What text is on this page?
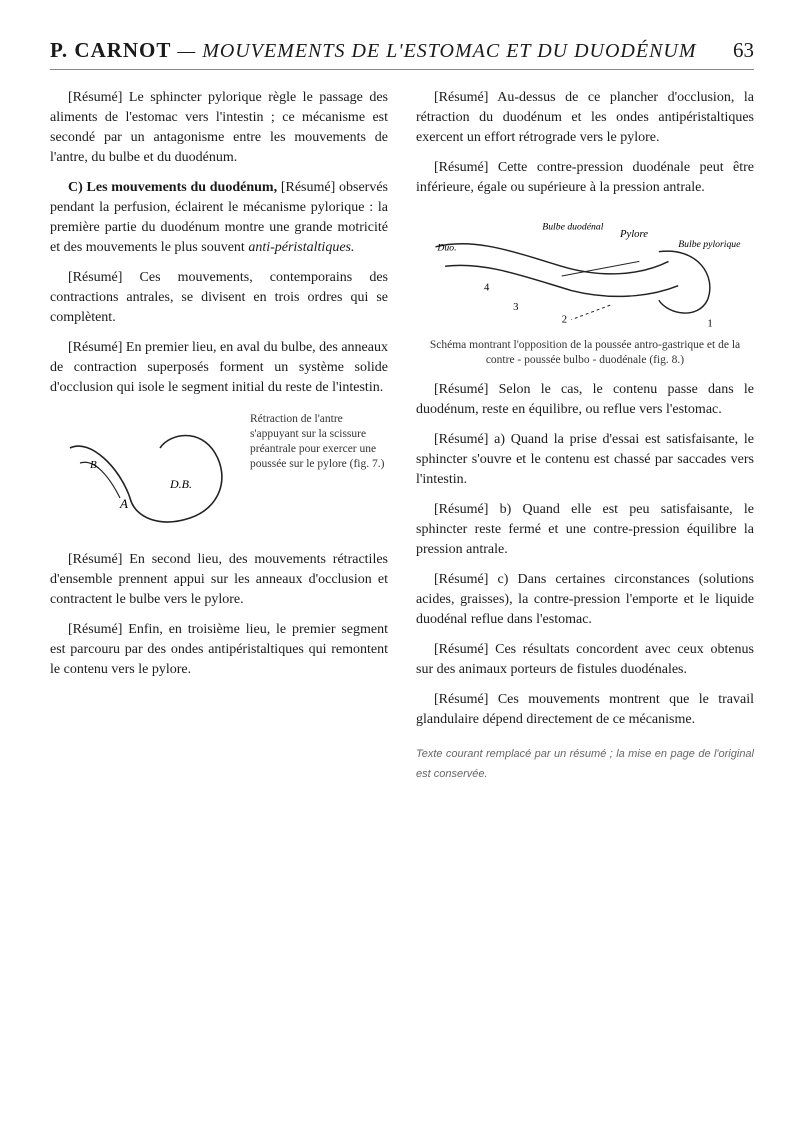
P. CARNOT — MOUVEMENTS DE L'ESTOMAC ET DU DUODÉNUM	63

[Résumé] Le sphincter pylorique règle le passage des aliments de l'estomac vers l'intestin ; ce mécanisme est secondé par un antagonisme entre les mouvements de l'antre, du bulbe et du duodénum.

C) Les mouvements du duodénum, [Résumé] observés pendant la perfusion, éclairent le mécanisme pylorique : la première partie du duodénum montre une grande motricité et des mouvements le plus souvent anti-péristaltiques.

[Résumé] Ces mouvements, contemporains des contractions antrales, se divisent en trois ordres qui se complètent.

[Résumé] En premier lieu, en aval du bulbe, des anneaux de contraction superposés forment un système solide d'occlusion qui isole le segment initial du reste de l'intestin.

B.
A
D.B.
Rétraction de l'antre s'appuyant sur la scissure préantrale pour exercer une poussée sur le pylore (fig. 7.)

[Résumé] En second lieu, des mouvements rétractiles d'ensemble prennent appui sur les anneaux d'occlusion et contractent le bulbe vers le pylore.

[Résumé] Enfin, en troisième lieu, le premier segment est parcouru par des ondes antipéristaltiques qui remontent le contenu vers le pylore.

[Résumé] Au-dessus de ce plancher d'occlusion, la rétraction du duodénum et les ondes antipéristaltiques exercent un effort rétrograde vers le pylore.

[Résumé] Cette contre-pression duodénale peut être inférieure, égale ou supérieure à la pression antrale.

Duo.
Bulbe duodénal
Pylore
Bulbe pylorique
1
2
3
4
Schéma montrant l'opposition de la poussée antro-gastrique et de la contre - poussée bulbo - duodénale (fig. 8.)

[Résumé] Selon le cas, le contenu passe dans le duodénum, reste en équilibre, ou reflue vers l'estomac.

[Résumé] a) Quand la prise d'essai est satisfaisante, le sphincter s'ouvre et le contenu est chassé par saccades vers l'intestin.

[Résumé] b) Quand elle est peu satisfaisante, le sphincter reste fermé et une contre-pression équilibre la pression antrale.

[Résumé] c) Dans certaines circonstances (solutions acides, graisses), la contre-pression l'emporte et le liquide duodénal reflue dans l'estomac.

[Résumé] Ces résultats concordent avec ceux obtenus sur des animaux porteurs de fistules duodénales.

[Résumé] Ces mouvements montrent que le travail glandulaire dépend directement de ce mécanisme.

Texte courant remplacé par un résumé ; la mise en page de l'original est conservée.
